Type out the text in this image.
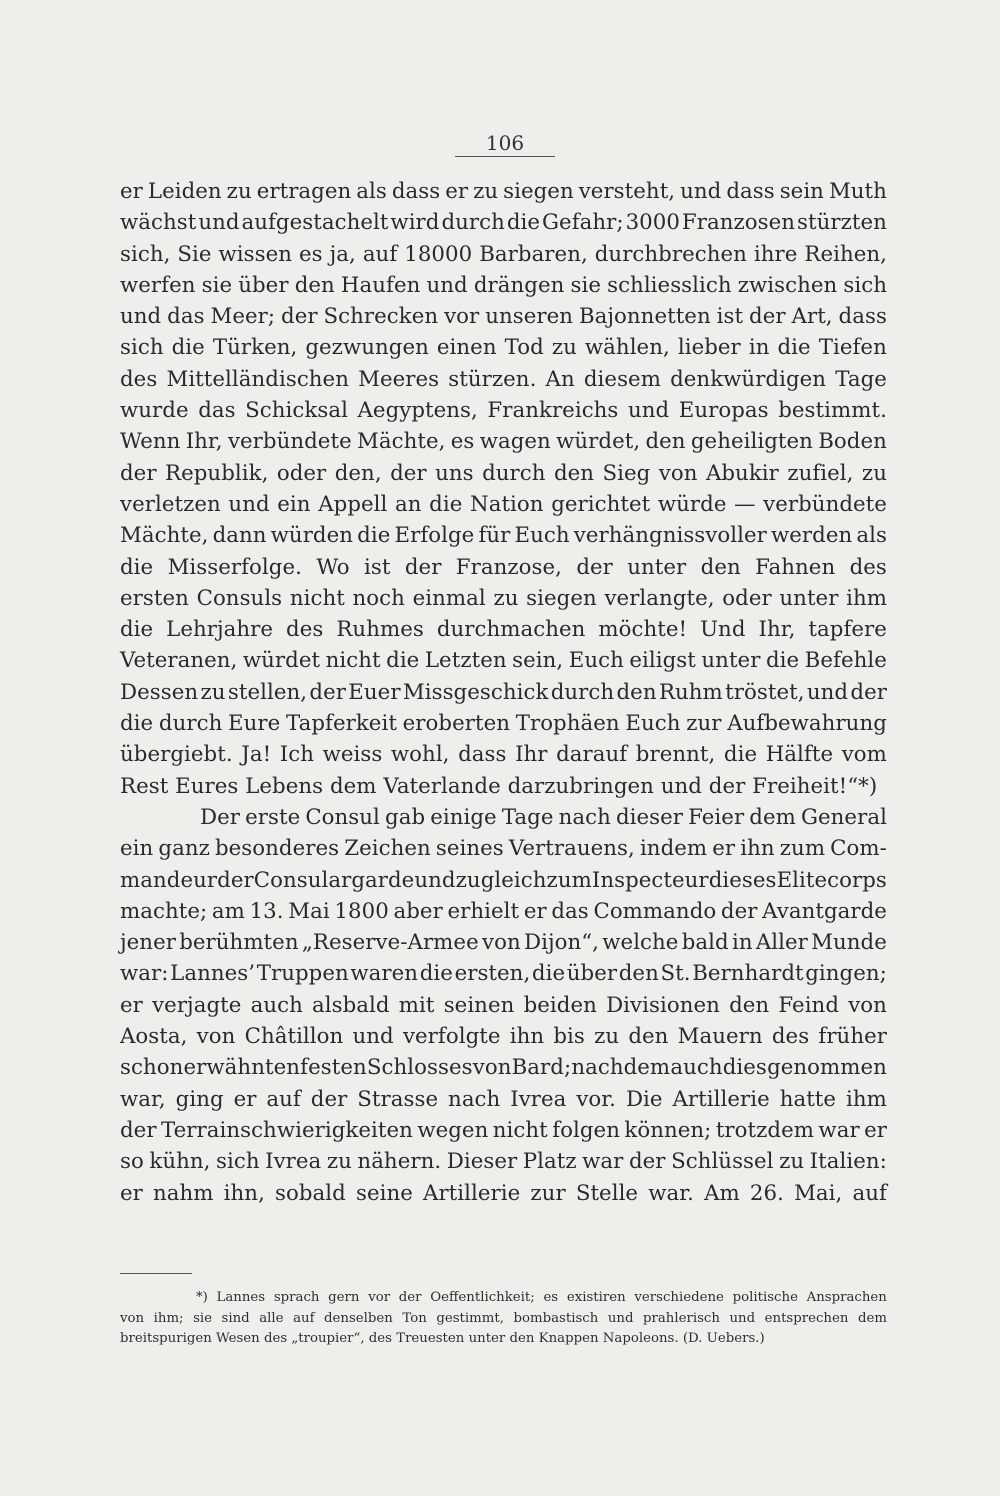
106
er Leiden zu ertragen als dass er zu siegen versteht, und dass sein Muth
wächst und aufgestachelt wird durch die Gefahr; 3000 Franzosen stürzten
sich, Sie wissen es ja, auf 18000 Barbaren, durchbrechen ihre Reihen,
werfen sie über den Haufen und drängen sie schliesslich zwischen sich
und das Meer; der Schrecken vor unseren Bajonnetten ist der Art, dass
sich die Türken, gezwungen einen Tod zu wählen, lieber in die Tiefen
des Mittelländischen Meeres stürzen. An diesem denkwürdigen Tage
wurde das Schicksal Aegyptens, Frankreichs und Europas bestimmt.
Wenn Ihr, verbündete Mächte, es wagen würdet, den geheiligten Boden
der Republik, oder den, der uns durch den Sieg von Abukir zufiel, zu
verletzen und ein Appell an die Nation gerichtet würde — verbündete
Mächte, dann würden die Erfolge für Euch verhängnissvoller werden als
die Misserfolge. Wo ist der Franzose, der unter den Fahnen des
ersten Consuls nicht noch einmal zu siegen verlangte, oder unter ihm
die Lehrjahre des Ruhmes durchmachen möchte! Und Ihr, tapfere
Veteranen, würdet nicht die Letzten sein, Euch eiligst unter die Befehle
Dessen zu stellen, der Euer Missgeschick durch den Ruhm tröstet, und der
die durch Eure Tapferkeit eroberten Trophäen Euch zur Aufbewahrung
übergiebt. Ja! Ich weiss wohl, dass Ihr darauf brennt, die Hälfte vom
Rest Eures Lebens dem Vaterlande darzubringen und der Freiheit!“*)
Der erste Consul gab einige Tage nach dieser Feier dem General
ein ganz besonderes Zeichen seines Vertrauens, indem er ihn zum Com-
mandeur der Consulargarde und zugleich zum Inspecteur dieses Elitecorps
machte; am 13. Mai 1800 aber erhielt er das Commando der Avantgarde
jener berühmten „Reserve-Armee von Dijon“, welche bald in Aller Munde
war: Lannes’ Truppen waren die ersten, die über den St. Bernhardt gingen;
er verjagte auch alsbald mit seinen beiden Divisionen den Feind von
Aosta, von Châtillon und verfolgte ihn bis zu den Mauern des früher
schon erwähnten festen Schlosses von Bard; nachdem auch dies genommen
war, ging er auf der Strasse nach Ivrea vor. Die Artillerie hatte ihm
der Terrainschwierigkeiten wegen nicht folgen können; trotzdem war er
so kühn, sich Ivrea zu nähern. Dieser Platz war der Schlüssel zu Italien:
er nahm ihn, sobald seine Artillerie zur Stelle war. Am 26. Mai, auf
*) Lannes sprach gern vor der Oeffentlichkeit; es existiren verschiedene politische Ansprachen
von ihm; sie sind alle auf denselben Ton gestimmt, bombastisch und prahlerisch und entsprechen dem
breitspurigen Wesen des „troupier“, des Treuesten unter den Knappen Napoleons. (D. Uebers.)
